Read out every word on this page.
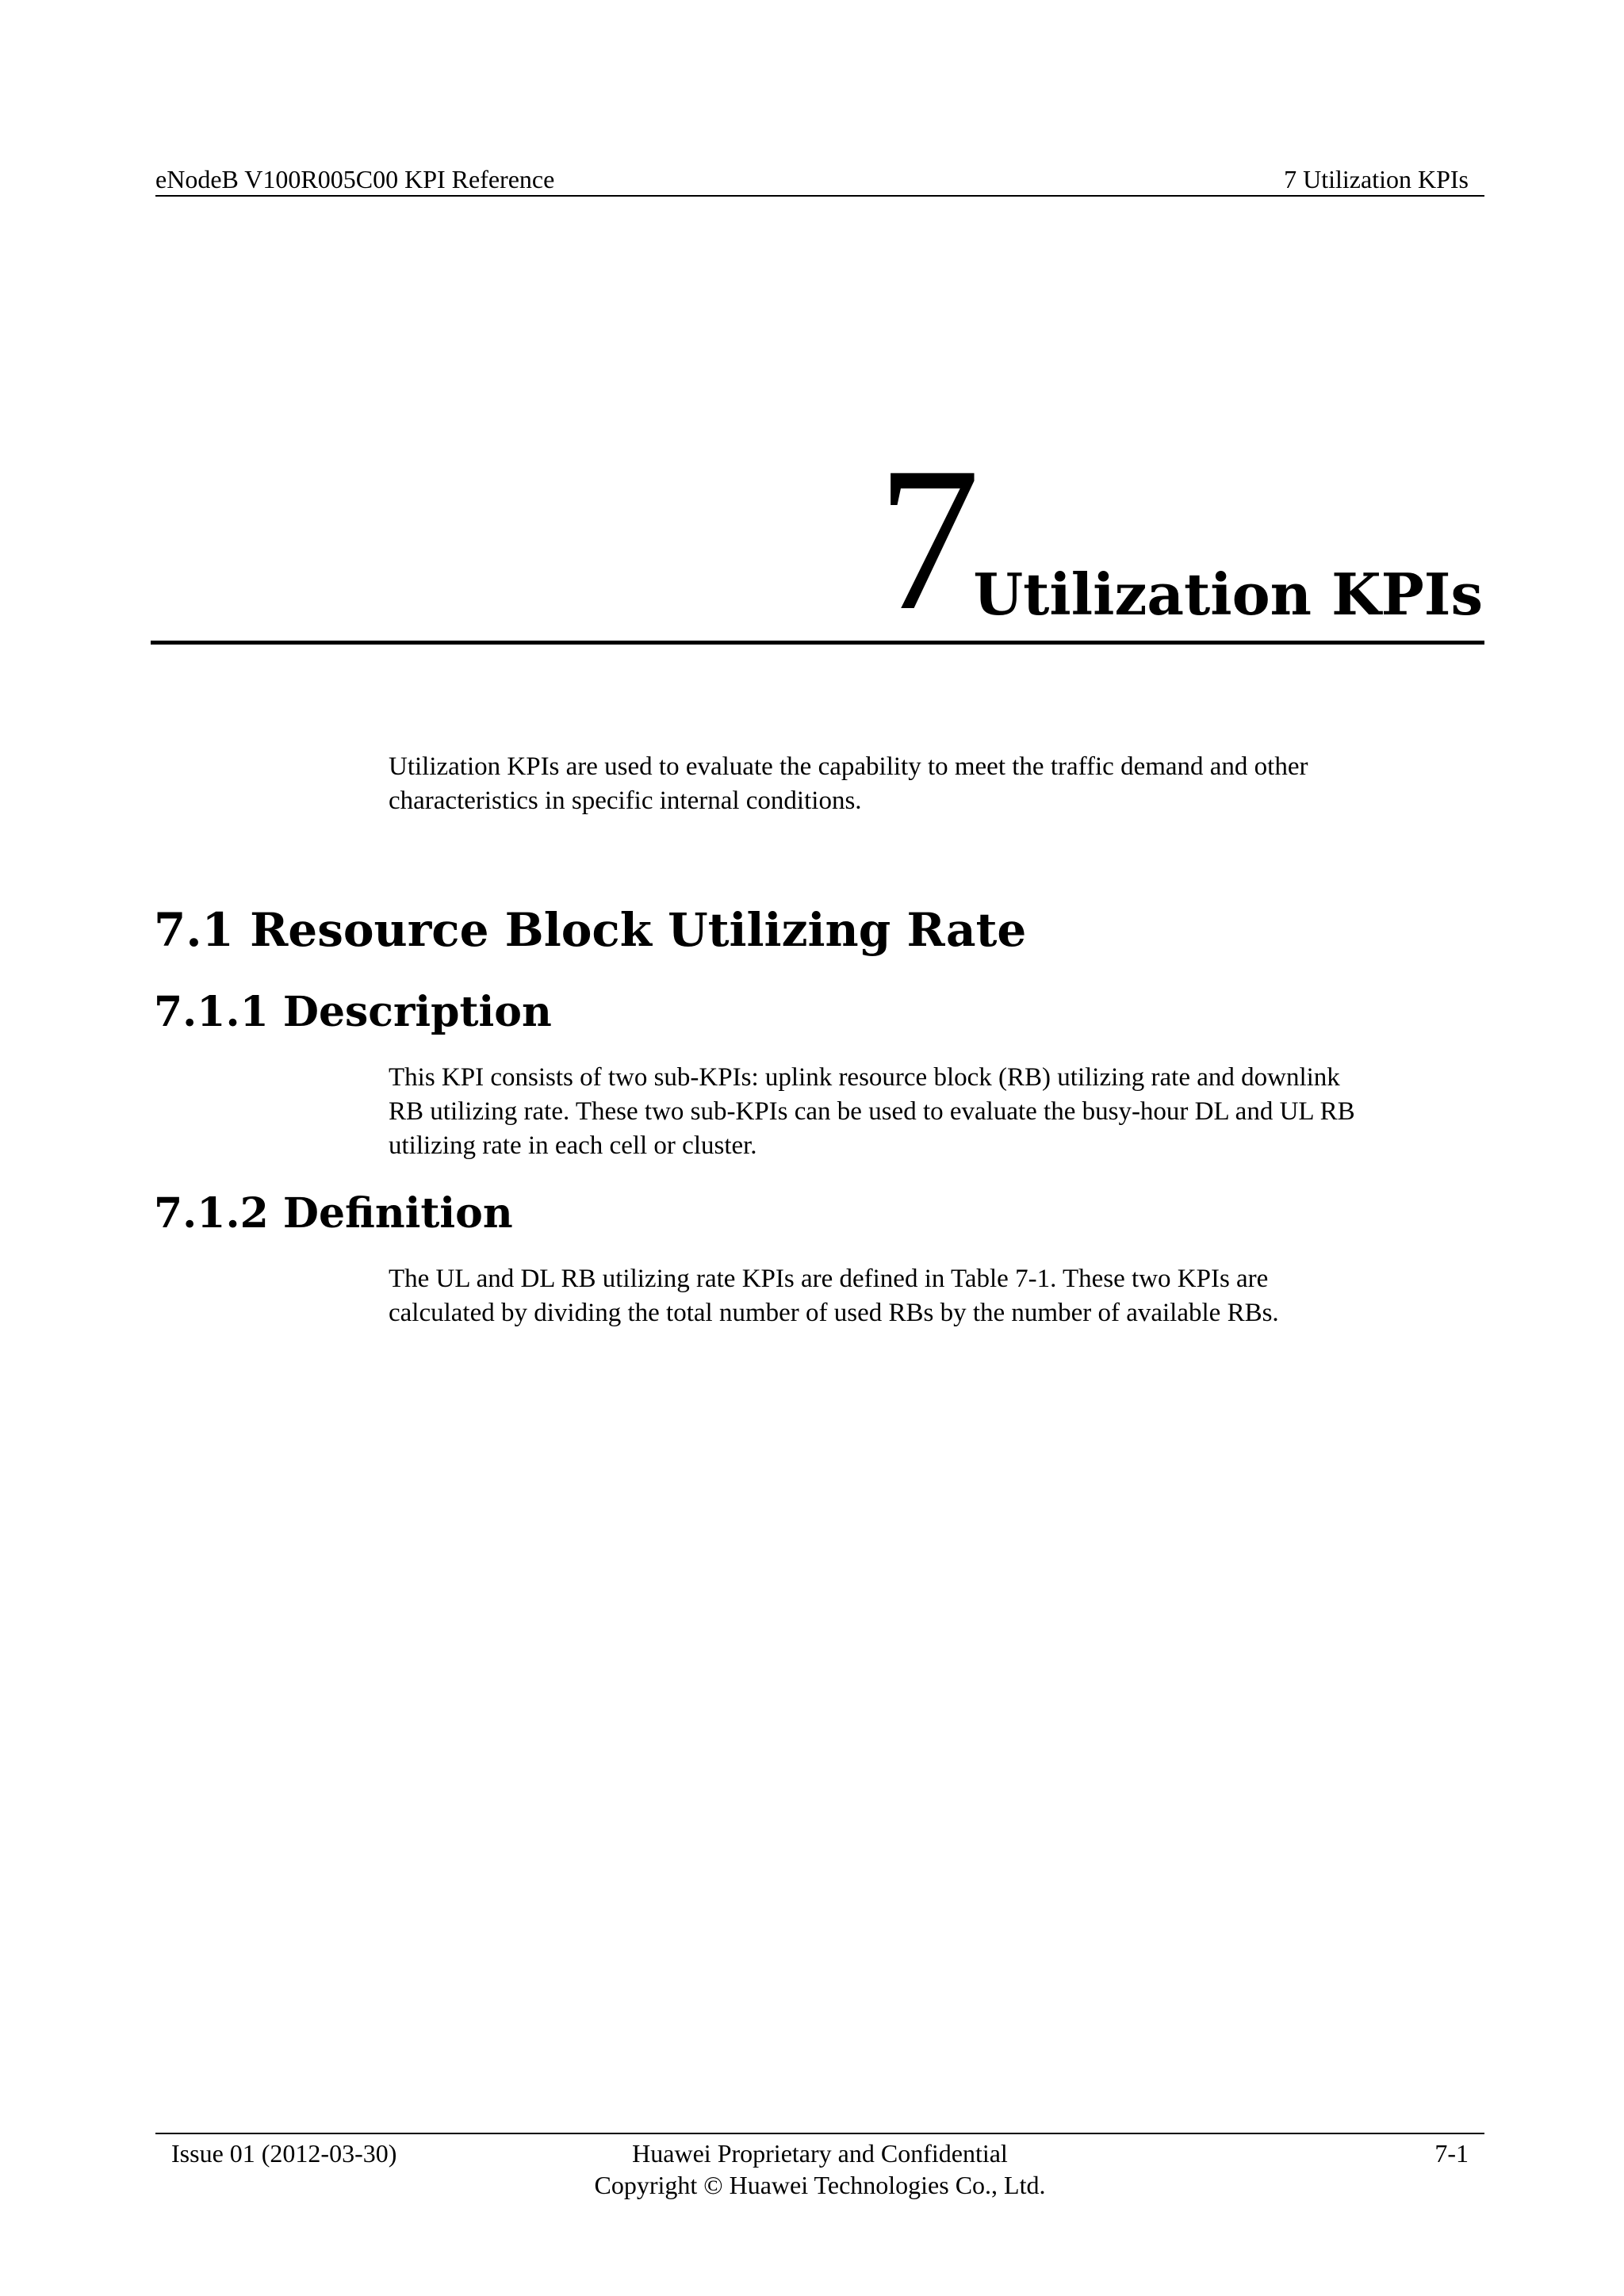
eNodeB V100R005C00 KPI Reference	7 Utilization KPIs
7
Utilization KPIs
Utilization KPIs are used to evaluate the capability to meet the traffic demand and other
characteristics in specific internal conditions.
7.1 Resource Block Utilizing Rate
7.1.1 Description
This KPI consists of two sub-KPIs: uplink resource block (RB) utilizing rate and downlink
RB utilizing rate. These two sub-KPIs can be used to evaluate the busy-hour DL and UL RB
utilizing rate in each cell or cluster.
7.1.2 Definition
The UL and DL RB utilizing rate KPIs are defined in Table 7-1. These two KPIs are
calculated by dividing the total number of used RBs by the number of available RBs.
Issue 01 (2012-03-30)	Huawei Proprietary and Confidential
Copyright © Huawei Technologies Co., Ltd.
7-1
